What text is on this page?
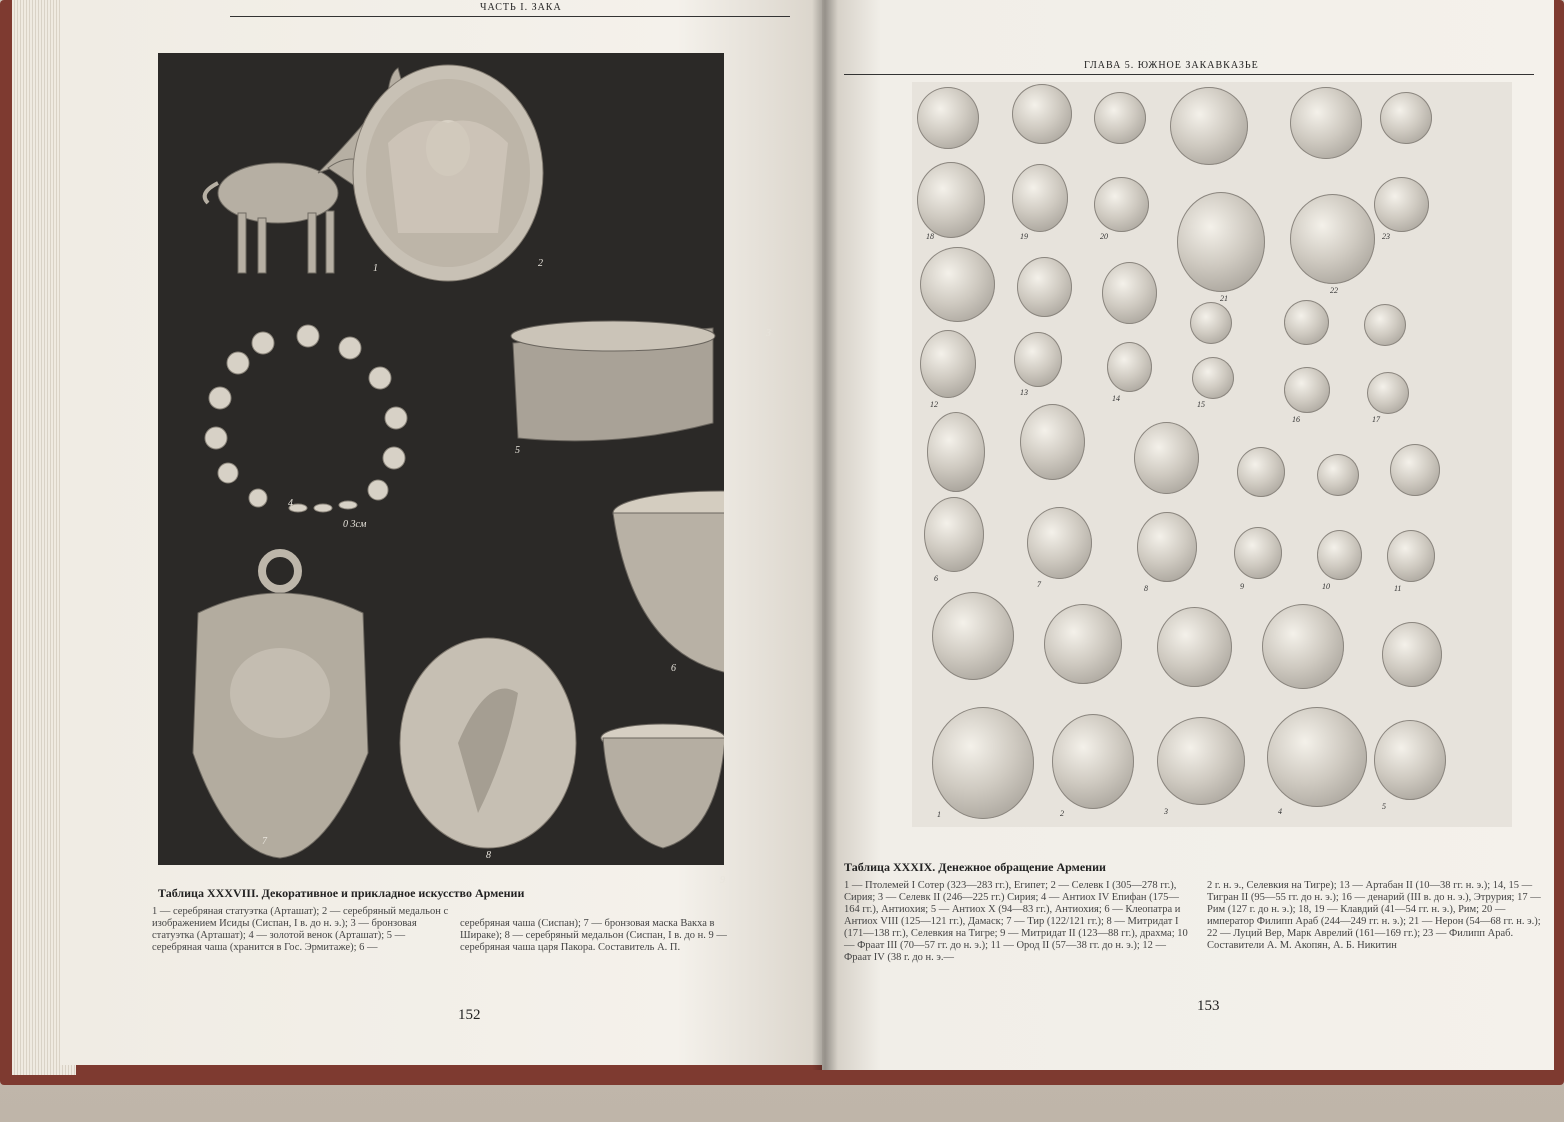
ЧАСТЬ I. ЗАКА
1	2
3
4
5
6
7
8
9
0 3см
Таблица XXXVIII. Декоративное и прикладное искусство Армении
1 — серебряная статуэтка (Арташат); 2 — серебряный медальон с изображением Исиды (Сиспан, I в. до н. э.); 3 — бронзовая статуэтка (Арташат); 4 — золотой венок (Арташат); 5 — серебряная чаша (хранится в Гос. Эрмитаже); 6 —
серебряная чаша (Сиспан); 7 — бронзовая маска Вакха в Шираке); 8 — серебряный медальон (Сиспан, I в. до н. 9 — серебряная чаша царя Пакора. Составитель А. П.
152
ГЛАВА 5. ЮЖНОЕ ЗАКАВКАЗЬЕ
18	19	20
21
22
23
12
13
14
15
16	17
6
7	8	9	10	11
1	2	3	4
5
Таблица XXXIX. Денежное обращение Армении
1 — Птолемей I Сотер (323—283 гг.), Египет; 2 — Селевк I (305—278 гг.), Сирия; 3 — Селевк II (246—225 гг.) Сирия; 4 — Антиох IV Епифан (175—164 гг.), Антиохия; 5 — Антиох X (94—83 гг.), Антиохия; 6 — Клеопатра и Антиох VIII (125—121 гг.), Дамаск; 7 — Тир (122/121 гг.); 8 — Митридат I (171—138 гг.), Селевкия на Тигре; 9 — Митридат II (123—88 гг.), драхма; 10 — Фраат III (70—57 гг. до н. э.); 11 — Ород II (57—38 гг. до н. э.); 12 — Фраат IV (38 г. до н. э.—
2 г. н. э., Селевкия на Тигре); 13 — Артабан II (10—38 гг. н. э.); 14, 15 — Тигран II (95—55 гг. до н. э.); 16 — денарий (III в. до н. э.), Этрурия; 17 — Рим (127 г. до н. э.); 18, 19 — Клавдий (41—54 гг. н. э.), Рим; 20 — император Филипп Араб (244—249 гг. н. э.); 21 — Нерон (54—68 гг. н. э.); 22 — Луций Вер, Марк Аврелий (161—169 гг.); 23 — Филипп Араб. Составители А. М. Акопян, А. Б. Никитин
153
